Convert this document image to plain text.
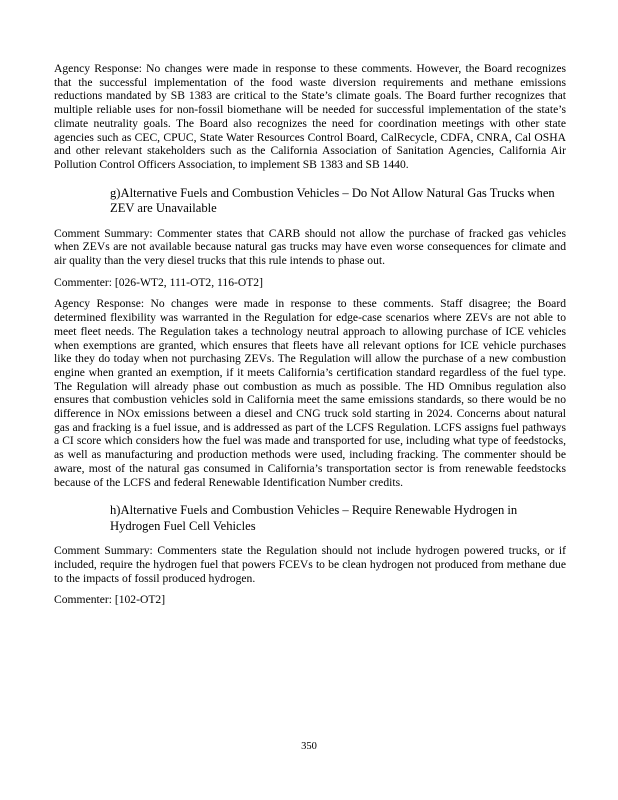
Agency Response: No changes were made in response to these comments. However, the Board recognizes that the successful implementation of the food waste diversion requirements and methane emissions reductions mandated by SB 1383 are critical to the State’s climate goals. The Board further recognizes that multiple reliable uses for non-fossil biomethane will be needed for successful implementation of the state’s climate neutrality goals. The Board also recognizes the need for coordination meetings with other state agencies such as CEC, CPUC, State Water Resources Control Board, CalRecycle, CDFA, CNRA, Cal OSHA and other relevant stakeholders such as the California Association of Sanitation Agencies, California Air Pollution Control Officers Association, to implement SB 1383 and SB 1440.

g)Alternative Fuels and Combustion Vehicles – Do Not Allow Natural Gas Trucks when ZEV are Unavailable

Comment Summary: Commenter states that CARB should not allow the purchase of fracked gas vehicles when ZEVs are not available because natural gas trucks may have even worse consequences for climate and air quality than the very diesel trucks that this rule intends to phase out.

Commenter: [026-WT2, 111-OT2, 116-OT2]

Agency Response: No changes were made in response to these comments. Staff disagree; the Board determined flexibility was warranted in the Regulation for edge-case scenarios where ZEVs are not able to meet fleet needs. The Regulation takes a technology neutral approach to allowing purchase of ICE vehicles when exemptions are granted, which ensures that fleets have all relevant options for ICE vehicle purchases like they do today when not purchasing ZEVs. The Regulation will allow the purchase of a new combustion engine when granted an exemption, if it meets California’s certification standard regardless of the fuel type. The Regulation will already phase out combustion as much as possible. The HD Omnibus regulation also ensures that combustion vehicles sold in California meet the same emissions standards, so there would be no difference in NOx emissions between a diesel and CNG truck sold starting in 2024. Concerns about natural gas and fracking is a fuel issue, and is addressed as part of the LCFS Regulation. LCFS assigns fuel pathways a CI score which considers how the fuel was made and transported for use, including what type of feedstocks, as well as manufacturing and production methods were used, including fracking. The commenter should be aware, most of the natural gas consumed in California’s transportation sector is from renewable feedstocks because of the LCFS and federal Renewable Identification Number credits.

h)Alternative Fuels and Combustion Vehicles – Require Renewable Hydrogen in Hydrogen Fuel Cell Vehicles

Comment Summary: Commenters state the Regulation should not include hydrogen powered trucks, or if included, require the hydrogen fuel that powers FCEVs to be clean hydrogen not produced from methane due to the impacts of fossil produced hydrogen.

Commenter: [102-OT2]

350
